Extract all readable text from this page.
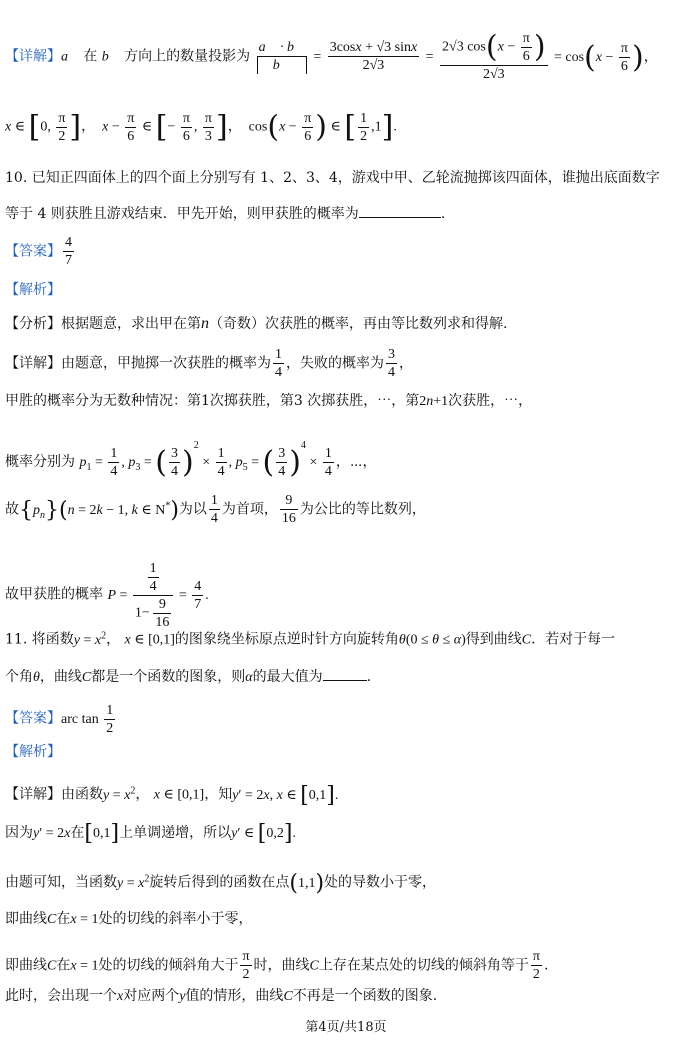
【详解】a⃗ 在 b⃗ 方向上的数量投影为 $\frac{a⃗ \cdot b⃗}{b⃗} = \frac{3\cos x + √3 \sin x}{2√3} = \frac{2√3 \cos(x - \frac{\pi}{6} )}{2√3} = \cos(x - \frac{\pi}{6}$ )，
x ∈ [0, $\frac{\pi}{2}$ ]，  $x - \frac{\pi}{6}$ ∈ [− $\frac{\pi}{6}$ , $\frac{\pi}{3}$ ]，  $\cos(x - \frac{\pi}{6}$ ) ∈ [ $\frac{1}{2} ,1$].
10. 已知正四面体上的四个面上分别写有 1、2、3、4，游戏中甲、乙轮流抛掷该四面体，谁抛出底面数字
等于 4 则获胜且游戏结束．甲先开始，则甲获胜的概率为	.
【答案】 $\frac{4}{7}$
【解析】
【分析】根据题意，求出甲在第n（奇数）次获胜的概率，再由等比数列求和得解.
【详解】由题意，甲抛掷一次获胜的概率为 $\frac{1}{4}$ ，失败的概率为 $\frac{3}{4}$ ，
甲胜的概率分为无数种情况：第1次掷获胜，第3 次掷获胜，⋯，第2n+1次获胜，⋯，
概率分别为 $p_1 = \frac{1}{4}$ , $p_3$ = ( $\frac{3}{4} )^2 \times \frac{1}{4}$ , $p_5$ = ( $\frac{3}{4} )^4 \times \frac{1}{4}$ ，⋯，
故$\{p_n\}(n = 2k - 1$, k ∈ N*)为以 $\frac{1}{4}$ 为首项， $\frac{9}{16}$ 为公比的等比数列，
故甲获胜的概率 $P = \frac{\frac{1}{4}}{1- \frac{9}{16}} = \frac{4}{7}$ .
11. 将函数$y = x^2$， x ∈ [0,1]的图象绕坐标原点逆时针方向旋转角θ(0 ≤ θ ≤ α)得到曲线C．若对于每一
个角θ，曲线C都是一个函数的图象，则α的最大值为	.
【答案】arc $\tan \frac{1}{2}$
【解析】
【详解】由函数$y = x^2$， x ∈ [0,1]，知y′ = 2x, x ∈ [0,1].
因为y′ = 2x在[0,1]上单调递增，所以y′ ∈ [0,2].
由题可知，当函数$y = x^2$旋转后得到的函数在点(1,1)处的导数小于零，
即曲线C在x = 1处的切线的斜率小于零，
即曲线C在x = 1处的切线的倾斜角大于 $\frac{\pi}{2}$ 时，曲线C上存在某点处的切线的倾斜角等于 $\frac{\pi}{2}$ .
此时，会出现一个x对应两个y值的情形，曲线C不再是一个函数的图象.
第4页/共18页
